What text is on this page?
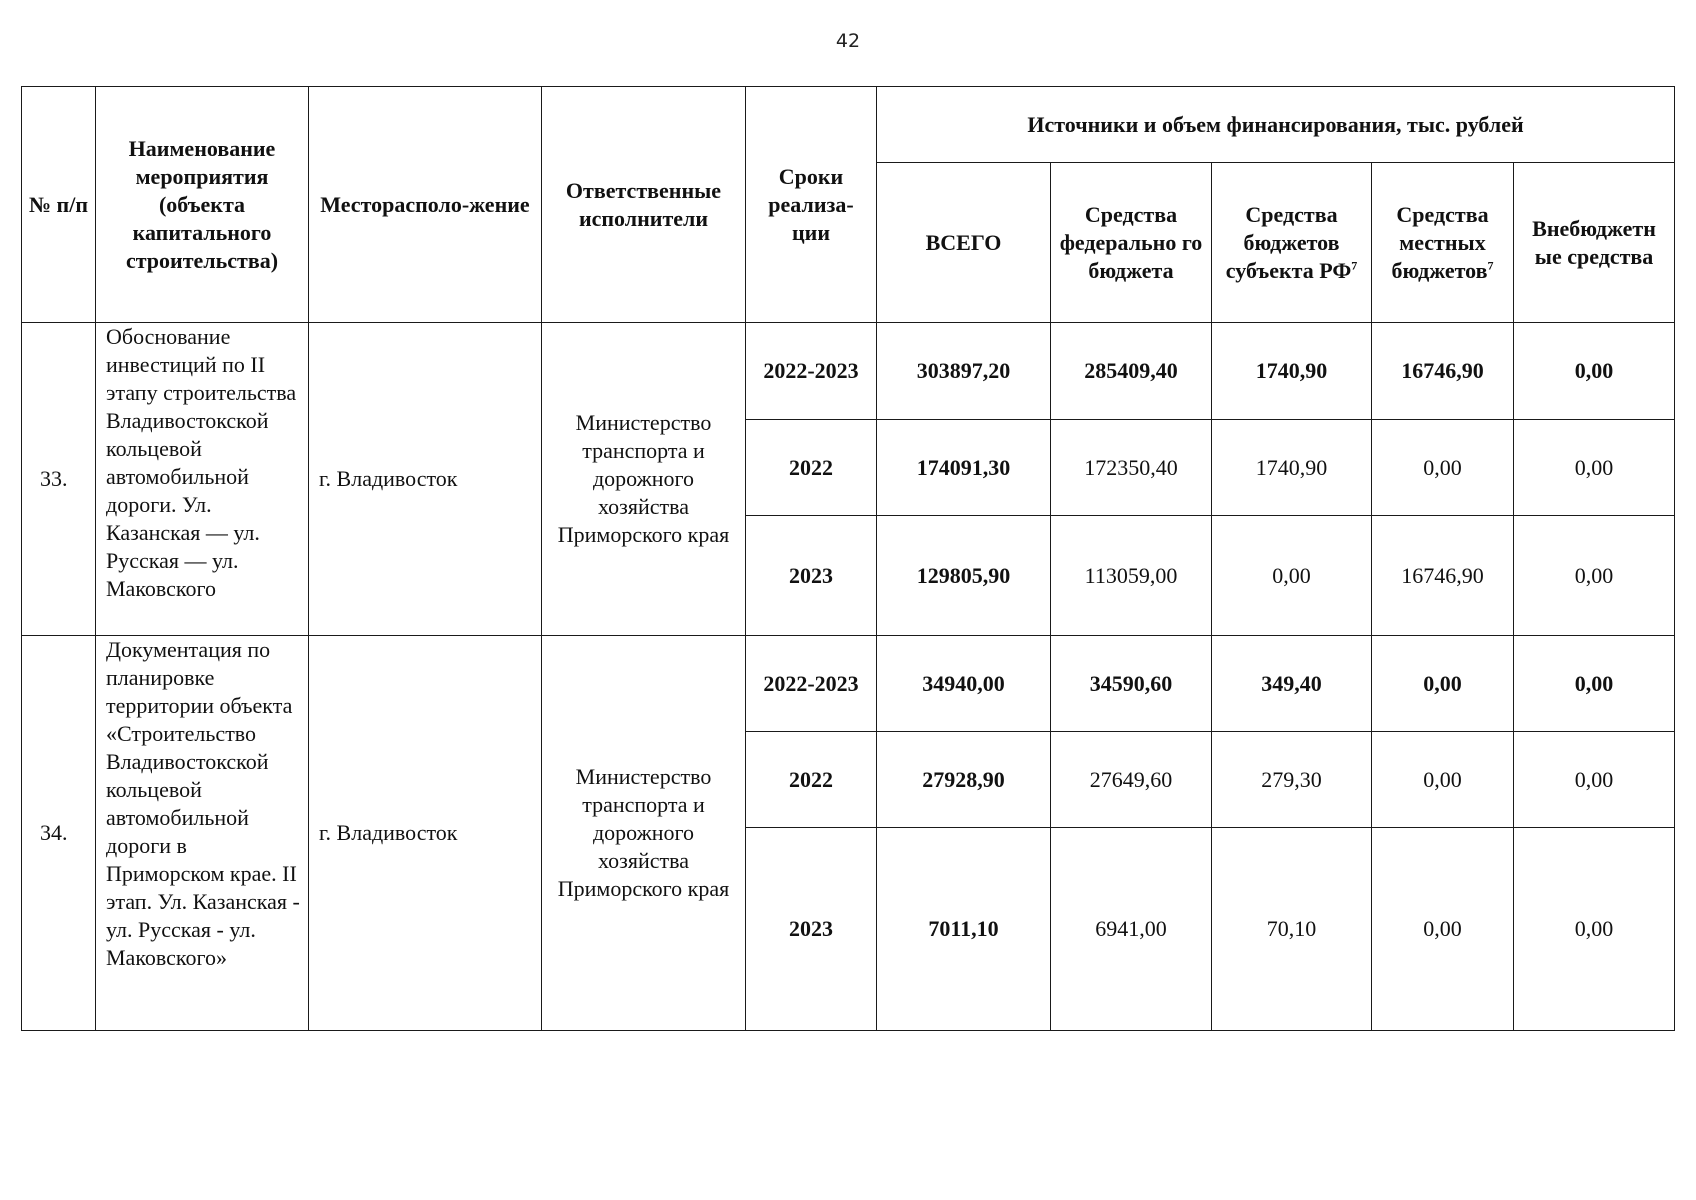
42
№ п/п	Наименование мероприятия (объекта капитального строительства)	Месторасполо-жение	Ответственные исполнители	Сроки реализа-ции	Источники и объем финансирования, тыс. рублей				
					ВСЕГО	Средства федерально го бюджета	Средства бюджетов субъекта $РФ^7$	Средства местных бюджетов$^7$	Внебюджетн ые средства
33.	Обоснование инвестиций по II этапу строительства Владивостокской кольцевой автомобильной дороги. Ул. Казанская — ул. Русская — ул. Маковского	г. Владивосток	Министерство транспорта и дорожного хозяйства Приморского края	2022-2023	303897,20	285409,40	1740,90	16746,90	0,00
				2022	174091,30	172350,40	1740,90	0,00	0,00
				2023	129805,90	113059,00	0,00	16746,90	0,00
34.	Документация по планировке территории объекта «Строительство Владивостокской кольцевой автомобильной дороги в Приморском крае. II этап. Ул. Казанская - ул. Русская - ул. Маковского»	г. Владивосток	Министерство транспорта и дорожного хозяйства Приморского края	2022-2023	34940,00	34590,60	349,40	0,00	0,00
				2022	27928,90	27649,60	279,30	0,00	0,00
				2023	7011,10	6941,00	70,10	0,00	0,00
